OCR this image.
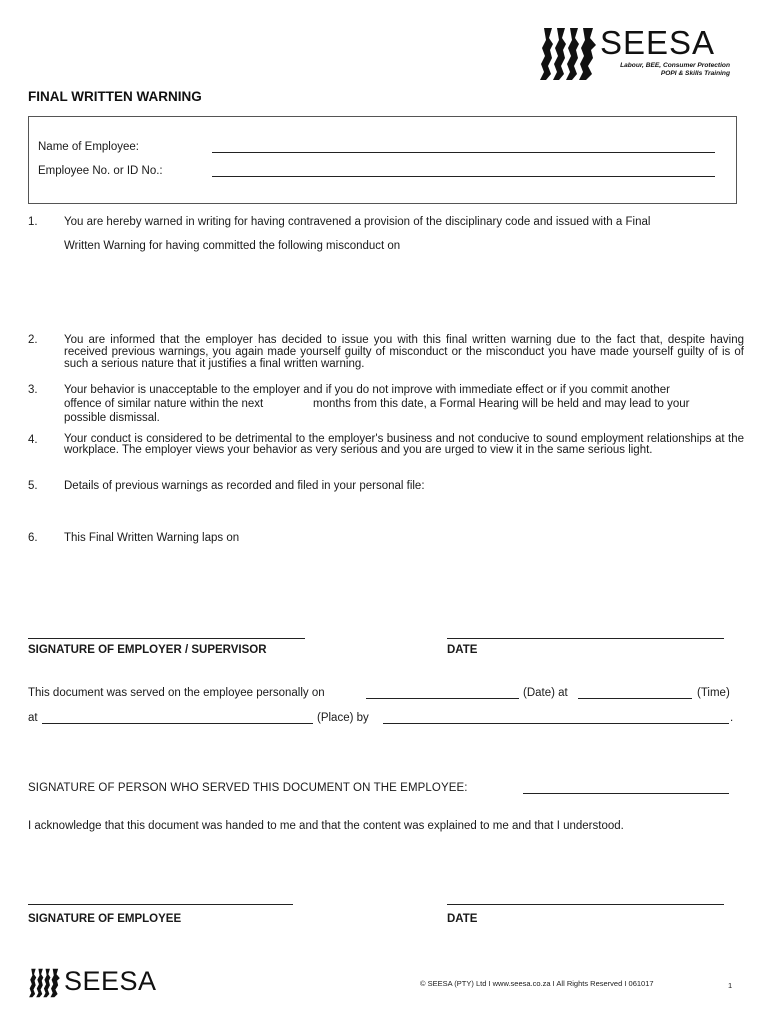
SEESA
Labour, BEE, Consumer Protection
POPI & Skills Training
FINAL WRITTEN WARNING
Name of Employee:
Employee No. or ID No.:
1.	You are hereby warned in writing for having contravened a provision of the disciplinary code and issued with a Final
Written Warning for having committed the following misconduct on
2.	You are informed that the employer has decided to issue you with this final written warning due to the fact that, despite having received previous warnings, you again made yourself guilty of misconduct or the misconduct you have made yourself guilty of is of such a serious nature that it justifies a final written warning.
3.	Your behavior is unacceptable to the employer and if you do not improve with immediate effect or if you commit another
offence of similar nature within the next	months from this date, a Formal Hearing will be held and may lead to your
possible dismissal.
4.	Your conduct is considered to be detrimental to the employer's business and not conducive to sound employment relationships at the workplace. The employer views your behavior as very serious and you are urged to view it in the same serious light.
5.	Details of previous warnings as recorded and filed in your personal file:
6.	This Final Written Warning laps on
SIGNATURE OF EMPLOYER / SUPERVISOR	DATE
This document was served on the employee personally on	(Date) at	(Time)
at	(Place) by	.
SIGNATURE OF PERSON WHO SERVED THIS DOCUMENT ON THE EMPLOYEE:
I acknowledge that this document was handed to me and that the content was explained to me and that I understood.
SIGNATURE OF EMPLOYEE	DATE
SEESA	© SEESA (PTY) Ltd I www.seesa.co.za I All Rights Reserved I 061017	1
